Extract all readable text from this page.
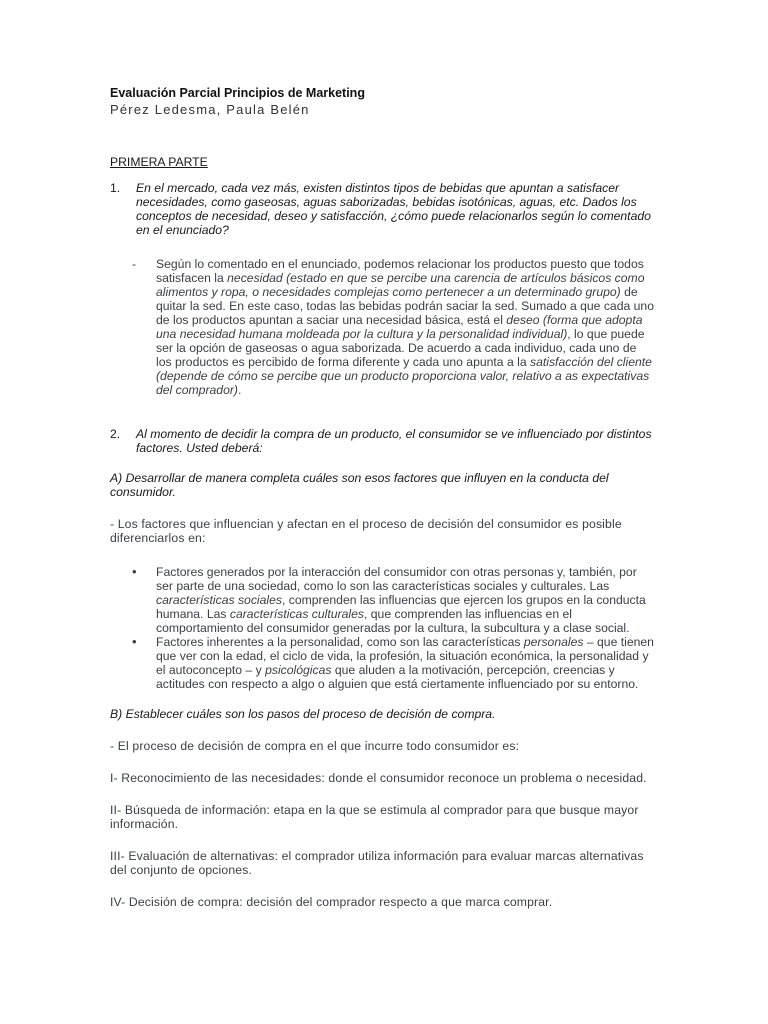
Evaluación Parcial Principios de Marketing

Pérez Ledesma, Paula Belén

PRIMERA PARTE
1.	En el mercado, cada vez más, existen distintos tipos de bebidas que apuntan a satisfacer necesidades, como gaseosas, aguas saborizadas, bebidas isotónicas, aguas, etc. Dados los conceptos de necesidad, deseo y satisfacción, ¿cómo puede relacionarlos según lo comentado en el enunciado?
-	Según lo comentado en el enunciado, podemos relacionar los productos puesto que todos satisfacen la necesidad (estado en que se percibe una carencia de artículos básicos como alimentos y ropa, o necesidades complejas como pertenecer a un determinado grupo) de quitar la sed. En este caso, todas las bebidas podrán saciar la sed. Sumado a que cada uno de los productos apuntan a saciar una necesidad básica, está el deseo (forma que adopta una necesidad humana moldeada por la cultura y la personalidad individual), lo que puede ser la opción de gaseosas o agua saborizada. De acuerdo a cada individuo, cada uno de los productos es percibido de forma diferente y cada uno apunta a la satisfacción del cliente (depende de cómo se percibe que un producto proporciona valor, relativo a as expectativas del comprador).
2.	Al momento de decidir la compra de un producto, el consumidor se ve influenciado por distintos factores. Usted deberá:
A) Desarrollar de manera completa cuáles son esos factores que influyen en la conducta del consumidor.
- Los factores que influencian y afectan en el proceso de decisión del consumidor es posible diferenciarlos en:
•	Factores generados por la interacción del consumidor con otras personas y, también, por ser parte de una sociedad, como lo son las características sociales y culturales. Las características sociales, comprenden las influencias que ejercen los grupos en la conducta humana. Las características culturales, que comprenden las influencias en el comportamiento del consumidor generadas por la cultura, la subcultura y a clase social.
•	Factores inherentes a la personalidad, como son las características personales – que tienen que ver con la edad, el ciclo de vida, la profesión, la situación económica, la personalidad y el autoconcepto – y psicológicas que aluden a la motivación, percepción, creencias y actitudes con respecto a algo o alguien que está ciertamente influenciado por su entorno.
B) Establecer cuáles son los pasos del proceso de decisión de compra.
- El proceso de decisión de compra en el que incurre todo consumidor es:
I- Reconocimiento de las necesidades: donde el consumidor reconoce un problema o necesidad.
II- Búsqueda de información: etapa en la que se estimula al comprador para que busque mayor información.
III- Evaluación de alternativas: el comprador utiliza información para evaluar marcas alternativas del conjunto de opciones.
IV- Decisión de compra: decisión del comprador respecto a que marca comprar.
